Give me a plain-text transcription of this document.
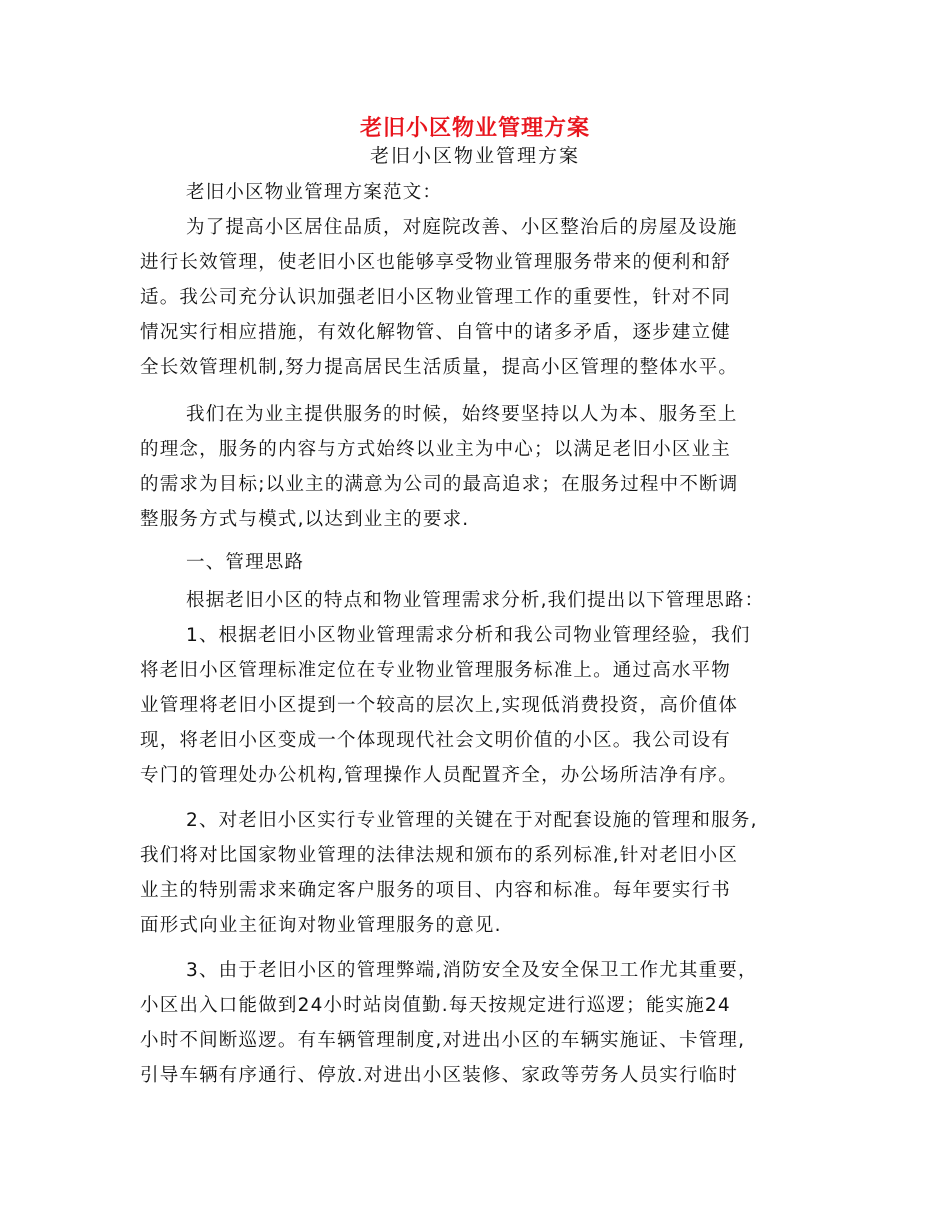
老旧小区物业管理方案
老旧小区物业管理方案

老旧小区物业管理方案范文：

为了提高小区居住品质，对庭院改善、小区整治后的房屋及设施

进行长效管理，使老旧小区也能够享受物业管理服务带来的便利和舒

适。我公司充分认识加强老旧小区物业管理工作的重要性，针对不同

情况实行相应措施，有效化解物管、自管中的诸多矛盾，逐步建立健

全长效管理机制,努力提高居民生活质量，提高小区管理的整体水平。

我们在为业主提供服务的时候，始终要坚持以人为本、服务至上

的理念，服务的内容与方式始终以业主为中心；以满足老旧小区业主

的需求为目标;以业主的满意为公司的最高追求；在服务过程中不断调

整服务方式与模式,以达到业主的要求.

一、管理思路

根据老旧小区的特点和物业管理需求分析,我们提出以下管理思路：

1、根据老旧小区物业管理需求分析和我公司物业管理经验，我们

将老旧小区管理标准定位在专业物业管理服务标准上。通过高水平物

业管理将老旧小区提到一个较高的层次上,实现低消费投资，高价值体

现，将老旧小区变成一个体现现代社会文明价值的小区。我公司设有

专门的管理处办公机构,管理操作人员配置齐全，办公场所洁净有序。

2、对老旧小区实行专业管理的关键在于对配套设施的管理和服务,

我们将对比国家物业管理的法律法规和颁布的系列标准,针对老旧小区

业主的特别需求来确定客户服务的项目、内容和标准。每年要实行书

面形式向业主征询对物业管理服务的意见.

3、由于老旧小区的管理弊端,消防安全及安全保卫工作尤其重要，

小区出入口能做到24小时站岗值勤.每天按规定进行巡逻；能实施24

小时不间断巡逻。有车辆管理制度,对进出小区的车辆实施证、卡管理,

引导车辆有序通行、停放.对进出小区装修、家政等劳务人员实行临时
